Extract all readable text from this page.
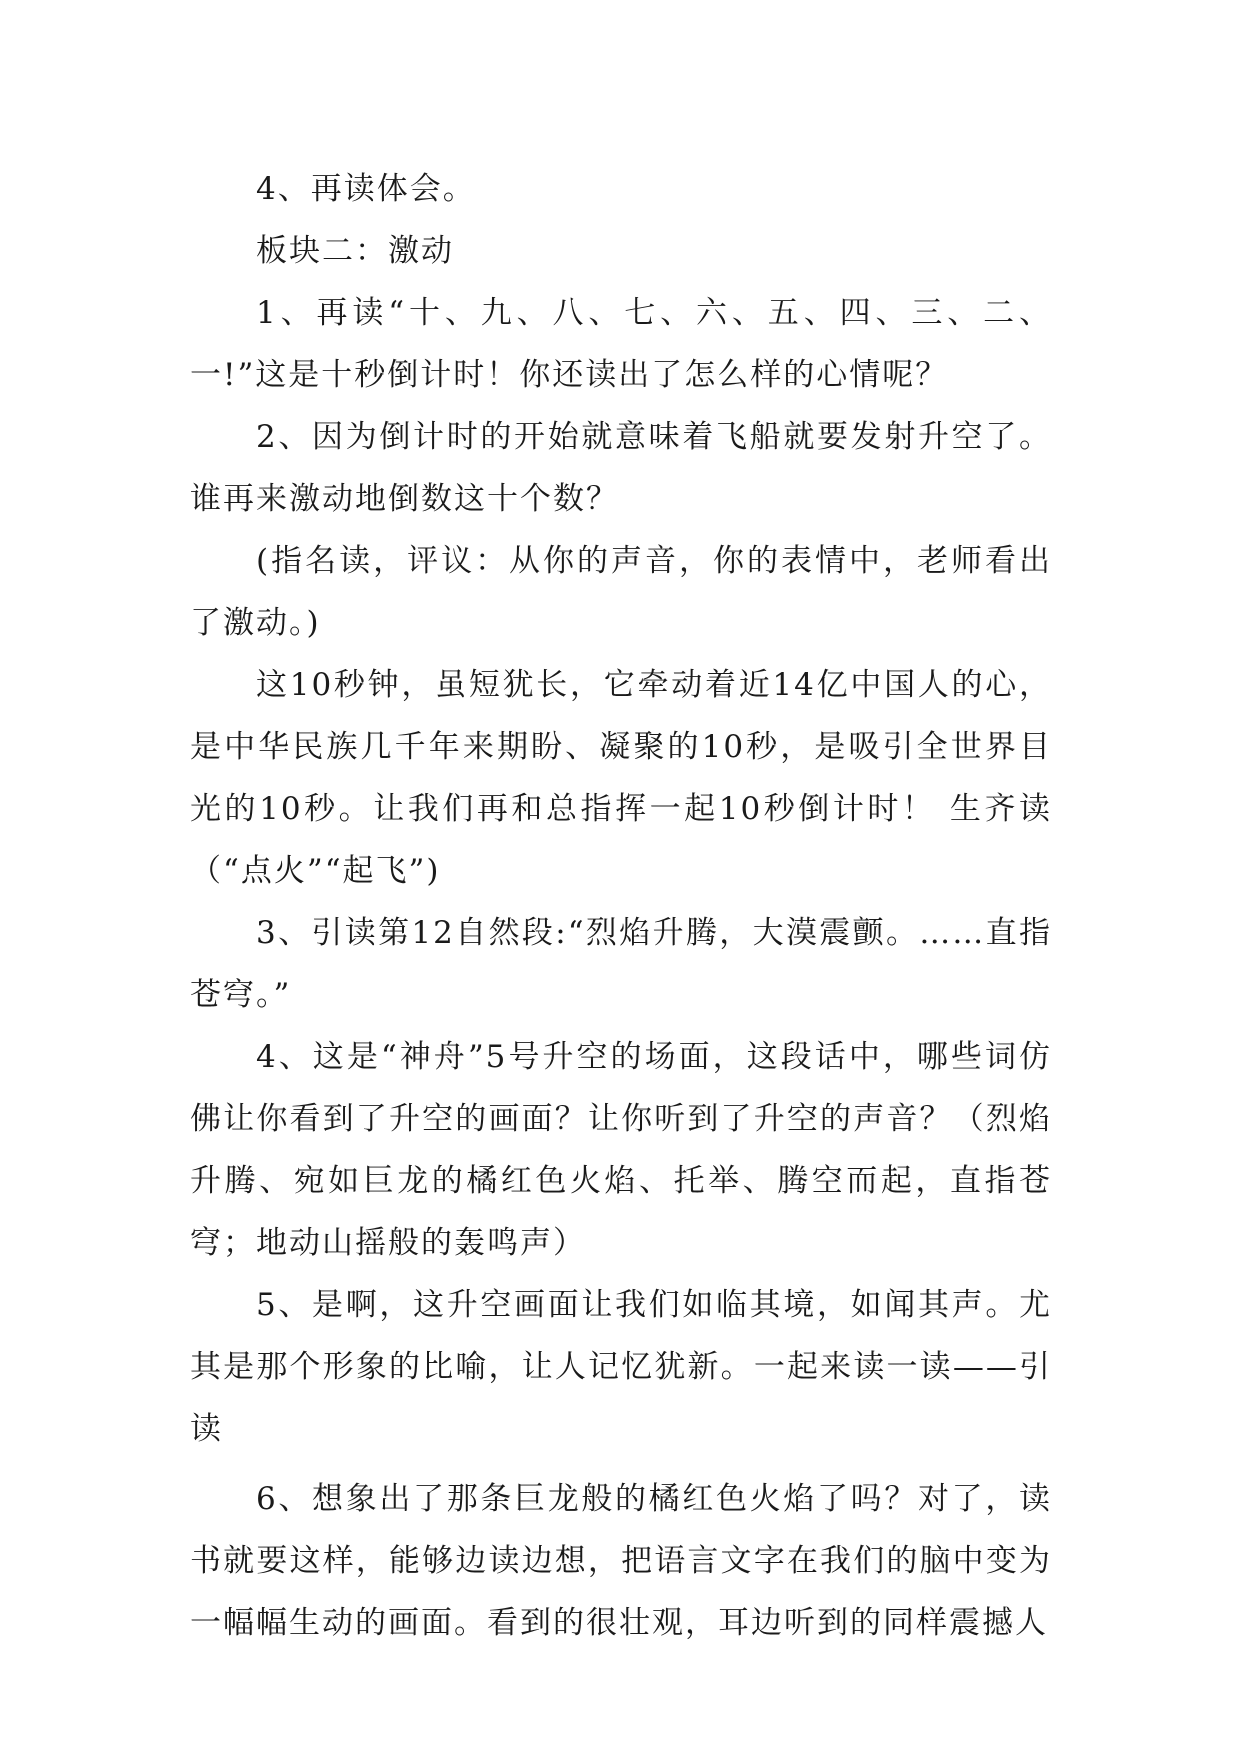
4、再读体会。

板块二：激动

1、再读“十、九、八、七、六、五、四、三、二、一!”这是十秒倒计时！你还读出了怎么样的心情呢？

2、因为倒计时的开始就意味着飞船就要发射升空了。谁再来激动地倒数这十个数？

(指名读，评议：从你的声音，你的表情中，老师看出了激动。)

这10秒钟，虽短犹长，它牵动着近14亿中国人的心，是中华民族几千年来期盼、凝聚的10秒，是吸引全世界目光的10秒。让我们再和总指挥一起10秒倒计时！ 生齐读（“点火”“起飞”)

3、引读第12自然段:“烈焰升腾，大漠震颤。……直指苍穹。”

4、这是“神舟”5号升空的场面，这段话中，哪些词仿佛让你看到了升空的画面？让你听到了升空的声音？（烈焰升腾、宛如巨龙的橘红色火焰、托举、腾空而起，直指苍穹；地动山摇般的轰鸣声）

5、是啊，这升空画面让我们如临其境，如闻其声。尤其是那个形象的比喻，让人记忆犹新。一起来读一读——引读

6、想象出了那条巨龙般的橘红色火焰了吗？对了，读书就要这样，能够边读边想，把语言文字在我们的脑中变为一幅幅生动的画面。看到的很壮观，耳边听到的同样震撼人
